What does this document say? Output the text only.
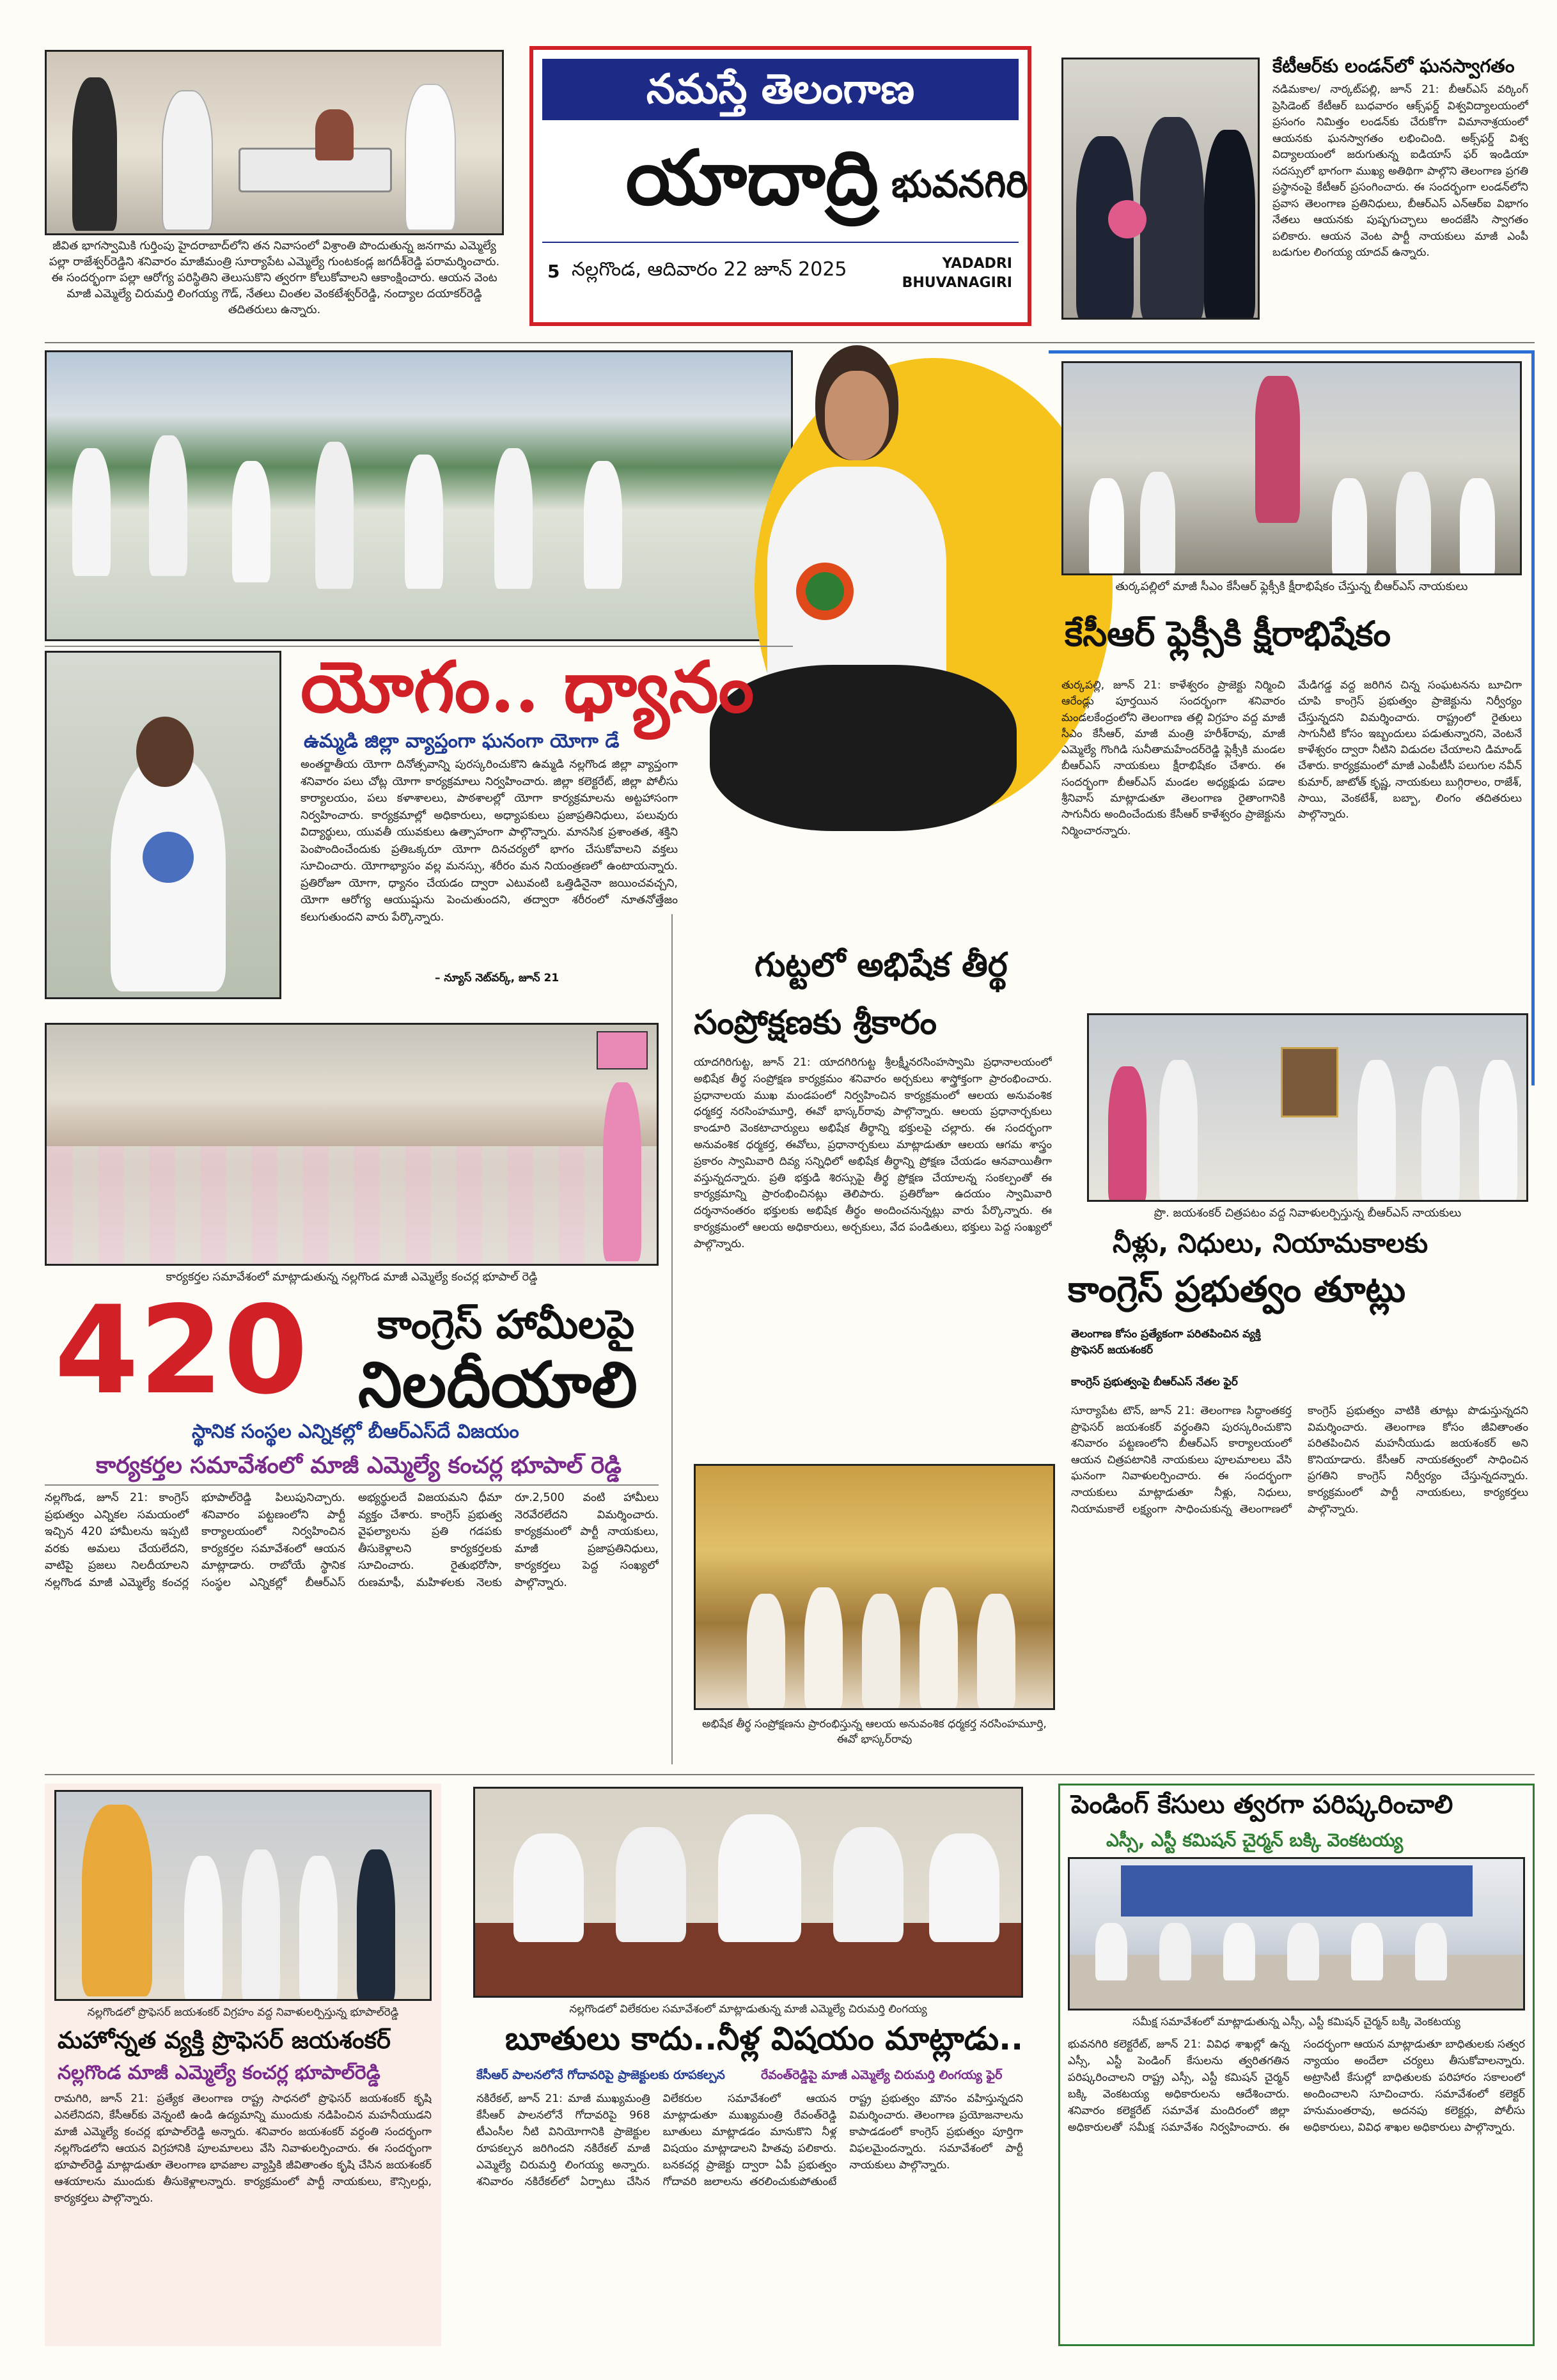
నమస్తే తెలంగాణ
యాదాద్రి భువనగిరి
5 నల్లగొండ, ఆదివారం 22 జూన్ 2025	YADADRI
BHUVANAGIRI
జీవిత భాగస్వామికి గుర్తింపు హైదరాబాద్‌లోని తన నివాసంలో విశ్రాంతి పొందుతున్న జనగామ ఎమ్మెల్యే పల్లా రాజేశ్వర్‌రెడ్డిని శనివారం మాజీమంత్రి సూర్యాపేట ఎమ్మెల్యే గుంటకండ్ల జగదీశ్‌రెడ్డి పరామర్శించారు. ఈ సందర్భంగా పల్లా ఆరోగ్య పరిస్థితిని తెలుసుకొని త్వరగా కోలుకోవాలని ఆకాంక్షించారు. ఆయన వెంట మాజీ ఎమ్మెల్యే చిరుమర్తి లింగయ్య గౌడ్, నేతలు చింతల వెంకటేశ్వర్‌రెడ్డి, నంద్యాల దయాకర్‌రెడ్డి తదితరులు ఉన్నారు.
కేటీఆర్‌కు లండన్‌లో ఘనస్వాగతం
నడిమకాల/ నార్కట్‌పల్లి, జూన్ 21: బీఆర్‌ఎస్ వర్కింగ్ ప్రెసిడెంట్ కేటీఆర్ బుధవారం ఆక్స్‌ఫర్డ్ విశ్వవిద్యాలయంలో ప్రసంగం నిమిత్తం లండన్‌కు చేరుకోగా విమానాశ్రయంలో ఆయనకు ఘనస్వాగతం లభించింది. అక్స్‌ఫర్డ్ విశ్వ విద్యాలయంలో జరుగుతున్న ఐడియాస్ ఫర్ ఇండియా సదస్సులో భాగంగా ముఖ్య అతిథిగా పాల్గొని తెలంగాణ ప్రగతి ప్రస్థానంపై కేటీఆర్ ప్రసంగించారు. ఈ సందర్భంగా లండన్‌లోని ప్రవాస తెలంగాణ ప్రతినిధులు, బీఆర్‌ఎస్ ఎన్‌ఆర్‌ఐ విభాగం నేతలు ఆయనకు పుష్పగుచ్ఛాలు అందజేసి స్వాగతం పలికారు. ఆయన వెంట పార్టీ నాయకులు మాజీ ఎంపీ బడుగుల లింగయ్య యాదవ్ ఉన్నారు.
యోగం.. ధ్యానం
ఉమ్మడి జిల్లా వ్యాప్తంగా ఘనంగా యోగా డే
అంతర్జాతీయ యోగా దినోత్సవాన్ని పురస్కరించుకొని ఉమ్మడి నల్లగొండ జిల్లా వ్యాప్తంగా శనివారం పలు చోట్ల యోగా కార్యక్రమాలు నిర్వహించారు. జిల్లా కలెక్టరేట్, జిల్లా పోలీసు కార్యాలయం, పలు కళాశాలలు, పాఠశాలల్లో యోగా కార్యక్రమాలను అట్టహాసంగా నిర్వహించారు. కార్యక్రమాల్లో అధికారులు, అధ్యాపకులు ప్రజాప్రతినిధులు, పలువురు విద్యార్థులు, యువతీ యువకులు ఉత్సాహంగా పాల్గొన్నారు. మానసిక ప్రశాంతత, శక్తిని పెంపొందించేందుకు ప్రతిఒక్కరూ యోగా దినచర్యలో భాగం చేసుకోవాలని వక్తలు సూచించారు. యోగాభ్యాసం వల్ల మనస్సు, శరీరం మన నియంత్రణలో ఉంటాయన్నారు. ప్రతిరోజూ యోగా, ధ్యానం చేయడం ద్వారా ఎటువంటి ఒత్తిడినైనా జయించవచ్చని, యోగా ఆరోగ్య ఆయుష్షును పెంచుతుందని, తద్వారా శరీరంలో నూతనోత్తేజం కలుగుతుందని వారు పేర్కొన్నారు.
– న్యూస్ నెట్‌వర్క్, జూన్ 21
కార్యకర్తల సమావేశంలో మాట్లాడుతున్న నల్లగొండ మాజీ ఎమ్మెల్యే కంచర్ల భూపాల్ రెడ్డి
420 కాంగ్రెస్ హామీలపై
నిలదీయాలి
స్థానిక సంస్థల ఎన్నికల్లో బీఆర్‌ఎస్‌దే విజయం
కార్యకర్తల సమావేశంలో మాజీ ఎమ్మెల్యే కంచర్ల భూపాల్ రెడ్డి
నల్లగొండ, జూన్ 21: కాంగ్రెస్ ప్రభుత్వం ఎన్నికల సమయంలో ఇచ్చిన 420 హామీలను ఇప్పటి వరకు అమలు చేయలేదని, వాటిపై ప్రజలు నిలదీయాలని నల్లగొండ మాజీ ఎమ్మెల్యే కంచర్ల భూపాల్‌రెడ్డి పిలుపునిచ్చారు. శనివారం పట్టణంలోని పార్టీ కార్యాలయంలో నిర్వహించిన కార్యకర్తల సమావేశంలో ఆయన మాట్లాడారు. రాబోయే స్థానిక సంస్థల ఎన్నికల్లో బీఆర్‌ఎస్ అభ్యర్థులదే విజయమని ధీమా వ్యక్తం చేశారు. కాంగ్రెస్ ప్రభుత్వ వైఫల్యాలను ప్రతి గడపకు తీసుకెళ్లాలని కార్యకర్తలకు సూచించారు. రైతుభరోసా, రుణమాఫీ, మహిళలకు నెలకు రూ.2,500 వంటి హామీలు నెరవేరలేదని విమర్శించారు. కార్యక్రమంలో పార్టీ నాయకులు, మాజీ ప్రజాప్రతినిధులు, కార్యకర్తలు పెద్ద సంఖ్యలో పాల్గొన్నారు.
గుట్టలో అభిషేక తీర్థ
సంప్రోక్షణకు శ్రీకారం
యాదగిరిగుట్ట, జూన్ 21: యాదగిరిగుట్ట శ్రీలక్ష్మీనరసింహస్వామి ప్రధానాలయంలో అభిషేక తీర్థ సంప్రోక్షణ కార్యక్రమం శనివారం అర్చకులు శాస్త్రోక్తంగా ప్రారంభించారు. ప్రధానాలయ ముఖ మండపంలో నిర్వహించిన కార్యక్రమంలో ఆలయ అనువంశిక ధర్మకర్త నరసింహమూర్తి, ఈవో భాస్కర్‌రావు పాల్గొన్నారు. ఆలయ ప్రధానార్చకులు కాండూరి వెంకటాచార్యులు అభిషేక తీర్థాన్ని భక్తులపై చల్లారు. ఈ సందర్భంగా అనువంశిక ధర్మకర్త, ఈవోలు, ప్రధానార్చకులు మాట్లాడుతూ ఆలయ ఆగమ శాస్త్రం ప్రకారం స్వామివారి దివ్య సన్నిధిలో అభిషేక తీర్థాన్ని ప్రోక్షణ చేయడం ఆనవాయితీగా వస్తున్నదన్నారు. ప్రతి భక్తుడి శిరస్సుపై తీర్థ ప్రోక్షణ చేయాలన్న సంకల్పంతో ఈ కార్యక్రమాన్ని ప్రారంభించినట్లు తెలిపారు. ప్రతిరోజూ ఉదయం స్వామివారి దర్శనానంతరం భక్తులకు అభిషేక తీర్థం అందించనున్నట్లు వారు పేర్కొన్నారు. ఈ కార్యక్రమంలో ఆలయ అధికారులు, అర్చకులు, వేద పండితులు, భక్తులు పెద్ద సంఖ్యలో పాల్గొన్నారు.
అభిషేక తీర్థ సంప్రోక్షణను ప్రారంభిస్తున్న ఆలయ అనువంశిక ధర్మకర్త నరసింహమూర్తి, ఈవో భాస్కర్‌రావు
తుర్కపల్లిలో మాజీ సీఎం కేసీఆర్ ఫ్లెక్సీకి క్షీరాభిషేకం చేస్తున్న బీఆర్‌ఎస్ నాయకులు
కేసీఆర్ ఫ్లెక్సీకి క్షీరాభిషేకం
తుర్కపల్లి, జూన్ 21: కాళేశ్వరం ప్రాజెక్టు నిర్మించి ఆరేండ్లు పూర్తయిన సందర్భంగా శనివారం మండలకేంద్రంలోని తెలంగాణ తల్లి విగ్రహం వద్ద మాజీ సీఎం కేసీఆర్, మాజీ మంత్రి హరీశ్‌రావు, మాజీ ఎమ్మెల్యే గొంగిడి సునీతామహేందర్‌రెడ్డి ఫ్లెక్సీకి మండల బీఆర్‌ఎస్ నాయకులు క్షీరాభిషేకం చేశారు. ఈ సందర్భంగా బీఆర్‌ఎస్ మండల అధ్యక్షుడు పడాల శ్రీనివాస్ మాట్లాడుతూ తెలంగాణ రైతాంగానికి సాగునీరు అందించేందుకు కేసీఆర్ కాళేశ్వరం ప్రాజెక్టును నిర్మించారన్నారు.
మేడిగడ్డ వద్ద జరిగిన చిన్న సంఘటనను బూచిగా చూపి కాంగ్రెస్ ప్రభుత్వం ప్రాజెక్టును నిర్వీర్యం చేస్తున్నదని విమర్శించారు. రాష్ట్రంలో రైతులు సాగునీటి కోసం ఇబ్బందులు పడుతున్నారని, వెంటనే కాళేశ్వరం ద్వారా నీటిని విడుదల చేయాలని డిమాండ్ చేశారు. కార్యక్రమంలో మాజీ ఎంపీటీసీ పలుగుల నవీన్ కుమార్, జాటోత్ కృష్ణ, నాయకులు బుగ్గిరాలం, రాజేశ్, సాయి, వెంకటేశ్, బబ్బా, లింగం తదితరులు పాల్గొన్నారు.
ప్రొ. జయశంకర్ చిత్రపటం వద్ద నివాళులర్పిస్తున్న బీఆర్‌ఎస్ నాయకులు
నీళ్లు, నిధులు, నియామకాలకు
కాంగ్రెస్ ప్రభుత్వం తూట్లు
తెలంగాణ కోసం ప్రత్యేకంగా పరితపించిన వ్యక్తి ప్రొఫెసర్ జయశంకర్
కాంగ్రెస్ ప్రభుత్వంపై బీఆర్‌ఎస్ నేతల ఫైర్
సూర్యాపేట టౌన్, జూన్ 21: తెలంగాణ సిద్ధాంతకర్త ప్రొఫెసర్ జయశంకర్ వర్ధంతిని పురస్కరించుకొని శనివారం పట్టణంలోని బీఆర్‌ఎస్ కార్యాలయంలో ఆయన చిత్రపటానికి నాయకులు పూలమాలలు వేసి ఘనంగా నివాళులర్పించారు. ఈ సందర్భంగా నాయకులు మాట్లాడుతూ నీళ్లు, నిధులు, నియామకాలే లక్ష్యంగా సాధించుకున్న తెలంగాణలో కాంగ్రెస్ ప్రభుత్వం వాటికి తూట్లు పొడుస్తున్నదని విమర్శించారు. తెలంగాణ కోసం జీవితాంతం పరితపించిన మహనీయుడు జయశంకర్ అని కొనియాడారు. కేసీఆర్ నాయకత్వంలో సాధించిన ప్రగతిని కాంగ్రెస్ నిర్వీర్యం చేస్తున్నదన్నారు. కార్యక్రమంలో పార్టీ నాయకులు, కార్యకర్తలు పాల్గొన్నారు.
నల్లగొండలో ప్రొఫెసర్ జయశంకర్ విగ్రహం వద్ద నివాళులర్పిస్తున్న భూపాల్‌రెడ్డి
మహోన్నత వ్యక్తి ప్రొఫెసర్ జయశంకర్
నల్లగొండ మాజీ ఎమ్మెల్యే కంచర్ల భూపాల్‌రెడ్డి
రామగిరి, జూన్ 21: ప్రత్యేక తెలంగాణ రాష్ట్ర సాధనలో ప్రొఫెసర్ జయశంకర్ కృషి ఎనలేనిదని, కేసీఆర్‌కు వెన్నంటి ఉండి ఉద్యమాన్ని ముందుకు నడిపించిన మహనీయుడని మాజీ ఎమ్మెల్యే కంచర్ల భూపాల్‌రెడ్డి అన్నారు. శనివారం జయశంకర్ వర్ధంతి సందర్భంగా నల్లగొండలోని ఆయన విగ్రహానికి పూలమాలలు వేసి నివాళులర్పించారు. ఈ సందర్భంగా భూపాల్‌రెడ్డి మాట్లాడుతూ తెలంగాణ భావజాల వ్యాప్తికి జీవితాంతం కృషి చేసిన జయశంకర్ ఆశయాలను ముందుకు తీసుకెళ్లాలన్నారు. కార్యక్రమంలో పార్టీ నాయకులు, కౌన్సిలర్లు, కార్యకర్తలు పాల్గొన్నారు.
నల్లగొండలో విలేకరుల సమావేశంలో మాట్లాడుతున్న మాజీ ఎమ్మెల్యే చిరుమర్తి లింగయ్య
బూతులు కాదు..నీళ్ల విషయం మాట్లాడు..
కేసీఆర్ పాలనలోనే గోదావరిపై ప్రాజెక్టులకు రూపకల్పన	రేవంత్‌రెడ్డిపై మాజీ ఎమ్మెల్యే చిరుమర్తి లింగయ్య ఫైర్
నకిరేకల్, జూన్ 21: మాజీ ముఖ్యమంత్రి కేసీఆర్ పాలనలోనే గోదావరిపై 968 టీఎంసీల నీటి వినియోగానికి ప్రాజెక్టుల రూపకల్పన జరిగిందని నకిరేకల్ మాజీ ఎమ్మెల్యే చిరుమర్తి లింగయ్య అన్నారు. శనివారం నకిరేకల్‌లో ఏర్పాటు చేసిన విలేకరుల సమావేశంలో ఆయన మాట్లాడుతూ ముఖ్యమంత్రి రేవంత్‌రెడ్డి బూతులు మాట్లాడడం మానుకొని నీళ్ల విషయం మాట్లాడాలని హితవు పలికారు. బనకచర్ల ప్రాజెక్టు ద్వారా ఏపీ ప్రభుత్వం గోదావరి జలాలను తరలించుకుపోతుంటే రాష్ట్ర ప్రభుత్వం మౌనం వహిస్తున్నదని విమర్శించారు. తెలంగాణ ప్రయోజనాలను కాపాడడంలో కాంగ్రెస్ ప్రభుత్వం పూర్తిగా విఫలమైందన్నారు. సమావేశంలో పార్టీ నాయకులు పాల్గొన్నారు.
పెండింగ్ కేసులు త్వరగా పరిష్కరించాలి
ఎస్సీ, ఎస్టీ కమిషన్ చైర్మన్ బక్కి వెంకటయ్య
సమీక్ష సమావేశంలో మాట్లాడుతున్న ఎస్సీ, ఎస్టీ కమిషన్ చైర్మన్ బక్కి వెంకటయ్య
భువనగిరి కలెక్టరేట్, జూన్ 21: వివిధ శాఖల్లో ఉన్న ఎస్సీ, ఎస్టీ పెండింగ్ కేసులను త్వరితగతిన పరిష్కరించాలని రాష్ట్ర ఎస్సీ, ఎస్టీ కమిషన్ చైర్మన్ బక్కి వెంకటయ్య అధికారులను ఆదేశించారు. శనివారం కలెక్టరేట్ సమావేశ మందిరంలో జిల్లా అధికారులతో సమీక్ష సమావేశం నిర్వహించారు. ఈ సందర్భంగా ఆయన మాట్లాడుతూ బాధితులకు సత్వర న్యాయం అందేలా చర్యలు తీసుకోవాలన్నారు. అట్రాసిటీ కేసుల్లో బాధితులకు పరిహారం సకాలంలో అందించాలని సూచించారు. సమావేశంలో కలెక్టర్ హనుమంతరావు, అదనపు కలెక్టర్లు, పోలీసు అధికారులు, వివిధ శాఖల అధికారులు పాల్గొన్నారు.
